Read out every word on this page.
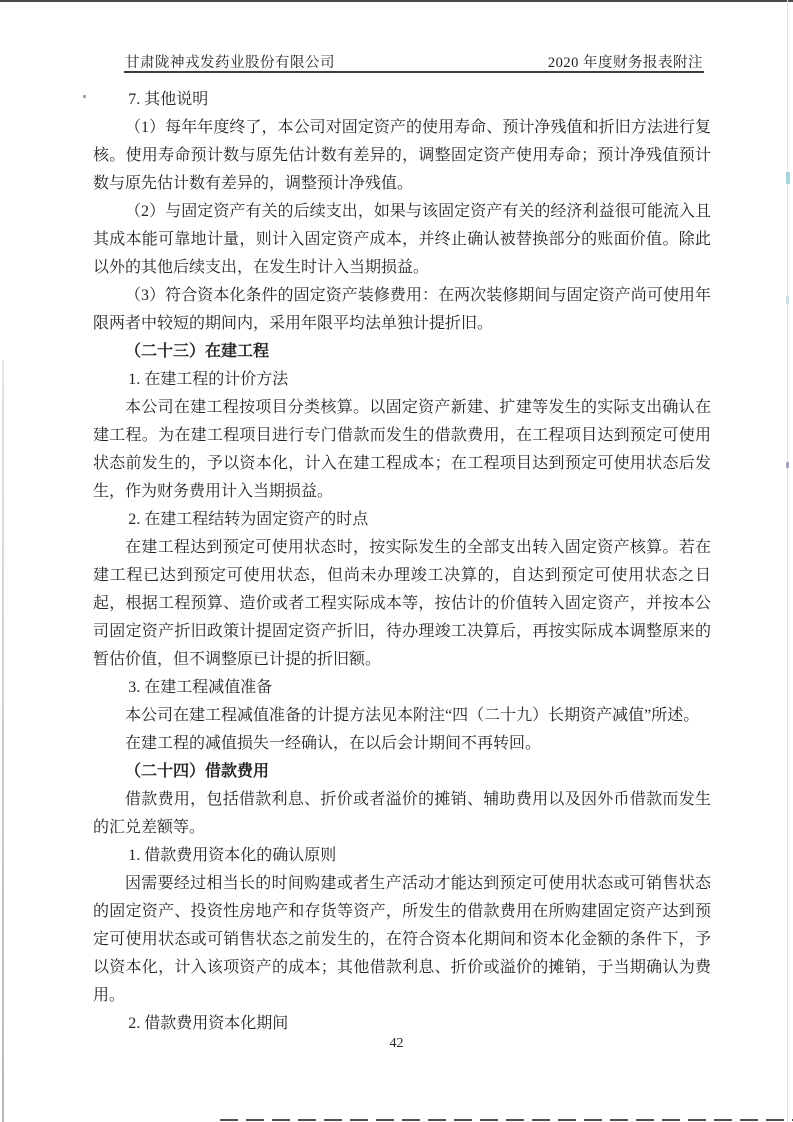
甘肃陇神戎发药业股份有限公司	2020 年度财务报表附注

7. 其他说明

（1）每年年度终了，本公司对固定资产的使用寿命、预计净残值和折旧方法进行复核。使用寿命预计数与原先估计数有差异的，调整固定资产使用寿命；预计净残值预计数与原先估计数有差异的，调整预计净残值。

（2）与固定资产有关的后续支出，如果与该固定资产有关的经济利益很可能流入且其成本能可靠地计量，则计入固定资产成本，并终止确认被替换部分的账面价值。除此以外的其他后续支出，在发生时计入当期损益。

（3）符合资本化条件的固定资产装修费用：在两次装修期间与固定资产尚可使用年限两者中较短的期间内，采用年限平均法单独计提折旧。

（二十三）在建工程

1. 在建工程的计价方法

本公司在建工程按项目分类核算。以固定资产新建、扩建等发生的实际支出确认在建工程。为在建工程项目进行专门借款而发生的借款费用，在工程项目达到预定可使用状态前发生的，予以资本化，计入在建工程成本；在工程项目达到预定可使用状态后发生，作为财务费用计入当期损益。

2. 在建工程结转为固定资产的时点

在建工程达到预定可使用状态时，按实际发生的全部支出转入固定资产核算。若在建工程已达到预定可使用状态，但尚未办理竣工决算的，自达到预定可使用状态之日起，根据工程预算、造价或者工程实际成本等，按估计的价值转入固定资产，并按本公司固定资产折旧政策计提固定资产折旧，待办理竣工决算后，再按实际成本调整原来的暂估价值，但不调整原已计提的折旧额。

3. 在建工程减值准备

本公司在建工程减值准备的计提方法见本附注“四（二十九）长期资产减值”所述。

在建工程的减值损失一经确认，在以后会计期间不再转回。

（二十四）借款费用

借款费用，包括借款利息、折价或者溢价的摊销、辅助费用以及因外币借款而发生的汇兑差额等。

1. 借款费用资本化的确认原则

因需要经过相当长的时间购建或者生产活动才能达到预定可使用状态或可销售状态的固定资产、投资性房地产和存货等资产，所发生的借款费用在所购建固定资产达到预定可使用状态或可销售状态之前发生的，在符合资本化期间和资本化金额的条件下，予以资本化，计入该项资产的成本；其他借款利息、折价或溢价的摊销，于当期确认为费用。

2. 借款费用资本化期间

42
